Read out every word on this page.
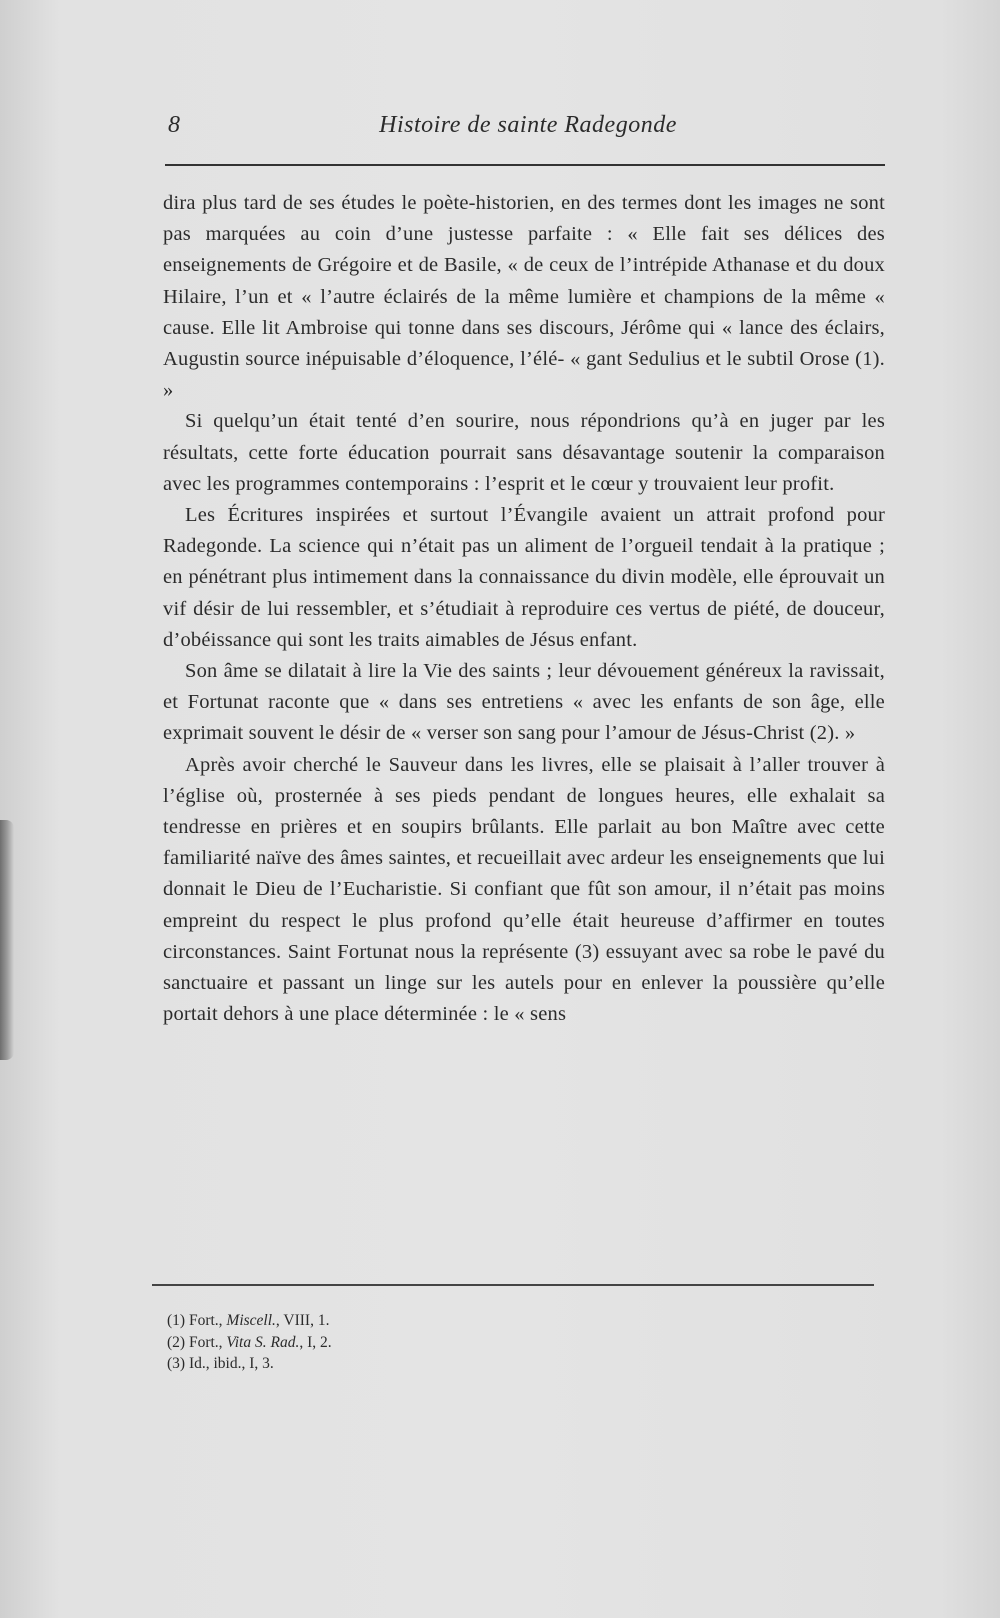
8	Histoire de sainte Radegonde

dira plus tard de ses études le poète-historien, en des termes dont les images ne sont pas marquées au coin d’une justesse parfaite : « Elle fait ses délices des enseignements de Grégoire et de Basile, « de ceux de l’intrépide Athanase et du doux Hilaire, l’un et « l’autre éclairés de la même lumière et champions de la même « cause. Elle lit Ambroise qui tonne dans ses discours, Jérôme qui « lance des éclairs, Augustin source inépuisable d’éloquence, l’élé- « gant Sedulius et le subtil Orose (1). »

Si quelqu’un était tenté d’en sourire, nous répondrions qu’à en juger par les résultats, cette forte éducation pourrait sans désavantage soutenir la comparaison avec les programmes contemporains : l’esprit et le cœur y trouvaient leur profit.

Les Écritures inspirées et surtout l’Évangile avaient un attrait profond pour Radegonde. La science qui n’était pas un aliment de l’orgueil tendait à la pratique ; en pénétrant plus intimement dans la connaissance du divin modèle, elle éprouvait un vif désir de lui ressembler, et s’étudiait à reproduire ces vertus de piété, de douceur, d’obéissance qui sont les traits aimables de Jésus enfant.

Son âme se dilatait à lire la Vie des saints ; leur dévouement généreux la ravissait, et Fortunat raconte que « dans ses entretiens « avec les enfants de son âge, elle exprimait souvent le désir de « verser son sang pour l’amour de Jésus-Christ (2). »

Après avoir cherché le Sauveur dans les livres, elle se plaisait à l’aller trouver à l’église où, prosternée à ses pieds pendant de longues heures, elle exhalait sa tendresse en prières et en soupirs brûlants. Elle parlait au bon Maître avec cette familiarité naïve des âmes saintes, et recueillait avec ardeur les enseignements que lui donnait le Dieu de l’Eucharistie. Si confiant que fût son amour, il n’était pas moins empreint du respect le plus profond qu’elle était heureuse d’affirmer en toutes circonstances. Saint Fortunat nous la représente (3) essuyant avec sa robe le pavé du sanctuaire et passant un linge sur les autels pour en enlever la poussière qu’elle portait dehors à une place déterminée : le « sens

(1) Fort., Miscell., VIII, 1.
(2) Fort., Vita S. Rad., I, 2.
(3) Id., ibid., I, 3.
